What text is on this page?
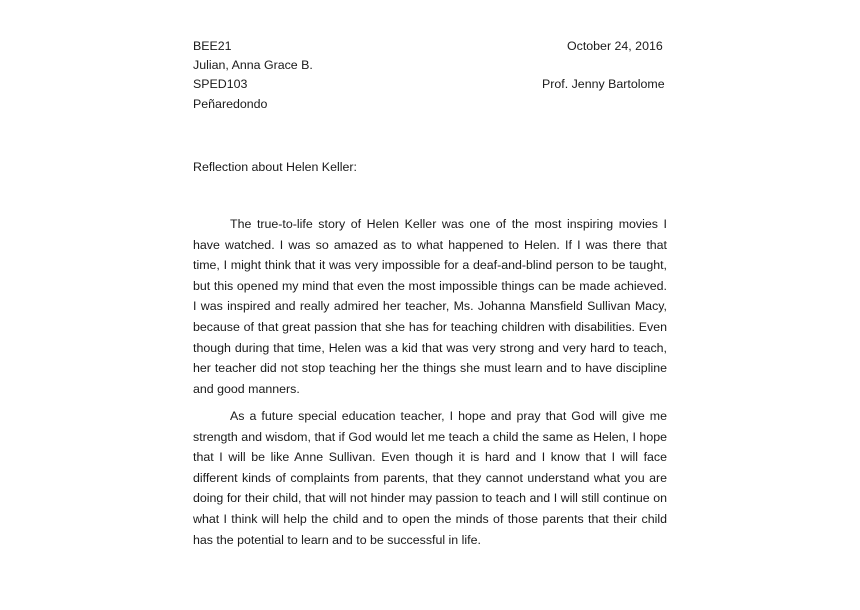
BEE21	October 24, 2016
Julian, Anna Grace B.
SPED103	Prof. Jenny Bartolome
Peñaredondo
Reflection about Helen Keller:

The true-to-life story of Helen Keller was one of the most inspiring movies I have watched. I was so amazed as to what happened to Helen. If I was there that time, I might think that it was very impossible for a deaf-and-blind person to be taught, but this opened my mind that even the most impossible things can be made achieved. I was inspired and really admired her teacher, Ms. Johanna Mansfield Sullivan Macy, because of that great passion that she has for teaching children with disabilities. Even though during that time, Helen was a kid that was very strong and very hard to teach, her teacher did not stop teaching her the things she must learn and to have discipline and good manners.

As a future special education teacher, I hope and pray that God will give me strength and wisdom, that if God would let me teach a child the same as Helen, I hope that I will be like Anne Sullivan. Even though it is hard and I know that I will face different kinds of complaints from parents, that they cannot understand what you are doing for their child, that will not hinder may passion to teach and I will still continue on what I think will help the child and to open the minds of those parents that their child has the potential to learn and to be successful in life.
